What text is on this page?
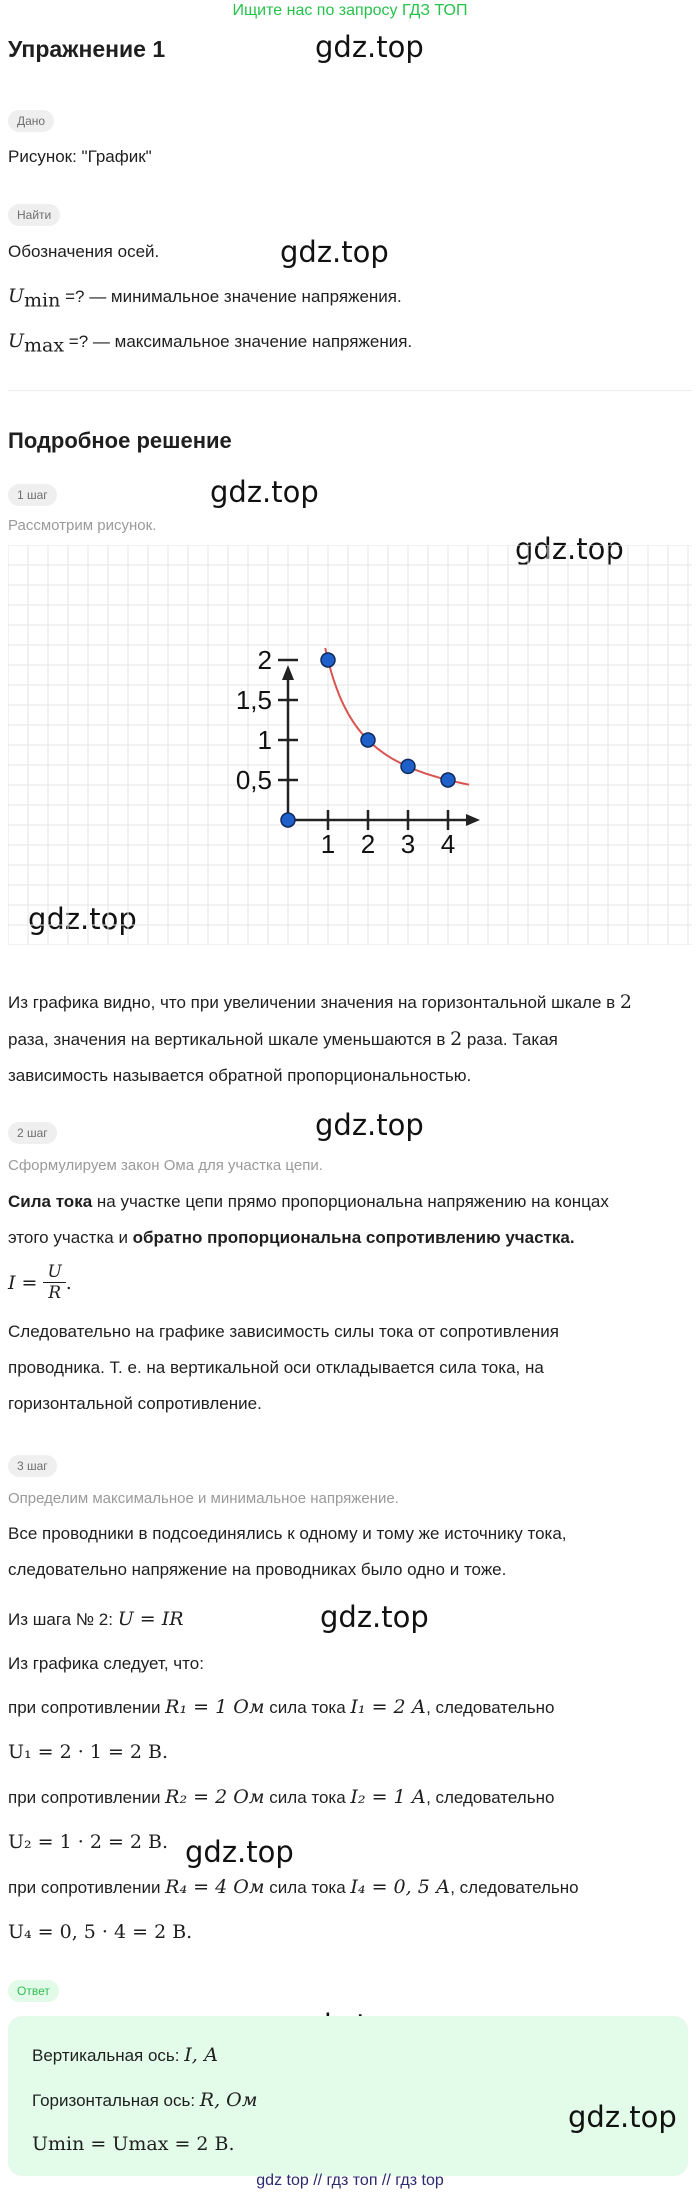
Ищите нас по запросу ГДЗ ТОП
Упражнение 1	gdz.top
gdz.top
gdz.top
gdz.top
gdz.top
gdz.top
gdz.top
gdz.top
Дано
Рисунок: "График"
Найти
Обозначения осей.
$U_{min}$ =? — минимальное значение напряжения.
$U_{max}$ =? — максимальное значение напряжения.
Подробное решение
1 шаг
Рассмотрим рисунок.
1 2 3 4
0,5
1
1,5
2
Из графика видно, что при увеличении значения на горизонтальной шкале в 2
раза, значения на вертикальной шкале уменьшаются в 2 раза. Такая
зависимость называется обратной пропорциональностью.
2 шаг
Сформулируем закон Ома для участка цепи.
Сила тока на участке цепи прямо пропорциональна напряжению на концах
этого участка и обратно пропорциональна сопротивлению участка.
$I = \frac{U}{R}$ .
Следовательно на графике зависимость силы тока от сопротивления
проводника. Т. е. на вертикальной оси откладывается сила тока, на
горизонтальной сопротивление.
3 шаг
Определим максимальное и минимальное напряжение.
Все проводники в подсоединялись к одному и тому же источнику тока,
следовательно напряжение на проводниках было одно и тоже.
Из шага № 2: U = IR
Из графика следует, что:
при сопротивлении R₁ = 1 Ом сила тока I₁ = 2 А, следовательно
U₁ = 2 · 1 = 2 В.
при сопротивлении R₂ = 2 Ом сила тока I₂ = 1 А, следовательно
U₂ = 1 · 2 = 2 В.
при сопротивлении R₄ = 4 Ом сила тока I₄ = 0, 5 А, следовательно
U₄ = 0, 5 · 4 = 2 В.
Ответ
Вертикальная ось: I, А
Горизонтальная ось: R, Ом
Umin = Umax = 2 В.
gdz.top
gdz top // гдз топ // гдз top
